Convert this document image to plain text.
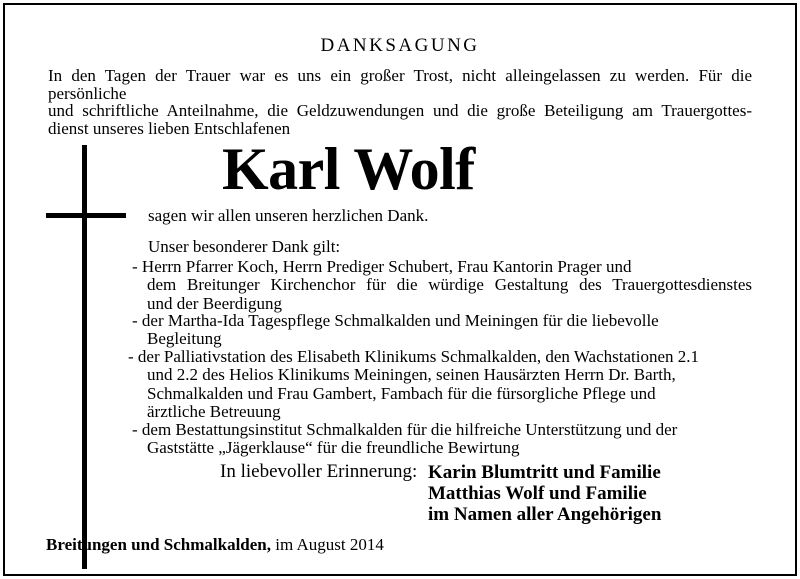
DANKSAGUNG
In den Tagen der Trauer war es uns ein großer Trost, nicht alleingelassen zu werden. Für die persönliche
und schriftliche Anteilnahme, die Geldzuwendungen und die große Beteiligung am Trauergottes-
dienst unseres lieben Entschlafenen
Karl Wolf
sagen wir allen unseren herzlichen Dank.
Unser besonderer Dank gilt:
- Herrn Pfarrer Koch, Herrn Prediger Schubert, Frau Kantorin Prager und
dem Breitunger Kirchenchor für die würdige Gestaltung des Trauergottesdienstes
und der Beerdigung
- der Martha-Ida Tagespflege Schmalkalden und Meiningen für die liebevolle
Begleitung
- der Palliativstation des Elisabeth Klinikums Schmalkalden, den Wachstationen 2.1
und 2.2 des Helios Klinikums Meiningen, seinen Hausärzten Herrn Dr. Barth,
Schmalkalden und Frau Gambert, Fambach für die fürsorgliche Pflege und
ärztliche Betreuung
- dem Bestattungsinstitut Schmalkalden für die hilfreiche Unterstützung und der
Gaststätte „Jägerklause“ für die freundliche Bewirtung
In liebevoller Erinnerung: Karin Blumtritt und Familie
Matthias Wolf und Familie
im Namen aller Angehörigen
Breitungen und Schmalkalden, im August 2014
